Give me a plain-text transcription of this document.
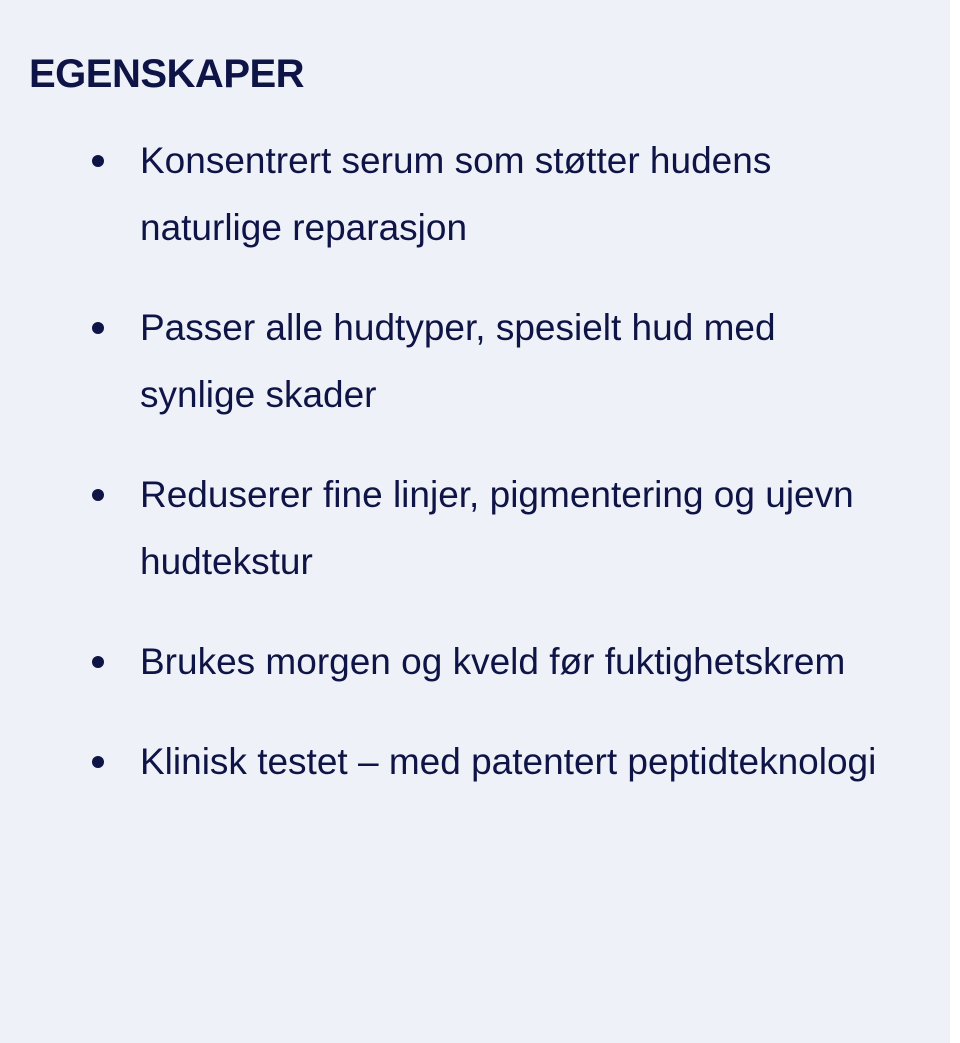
EGENSKAPER
Konsentrert serum som støtter hudens naturlige reparasjon
Passer alle hudtyper, spesielt hud med synlige skader
Reduserer fine linjer, pigmentering og ujevn hudtekstur
Brukes morgen og kveld før fuktighetskrem
Klinisk testet – med patentert peptidteknologi
